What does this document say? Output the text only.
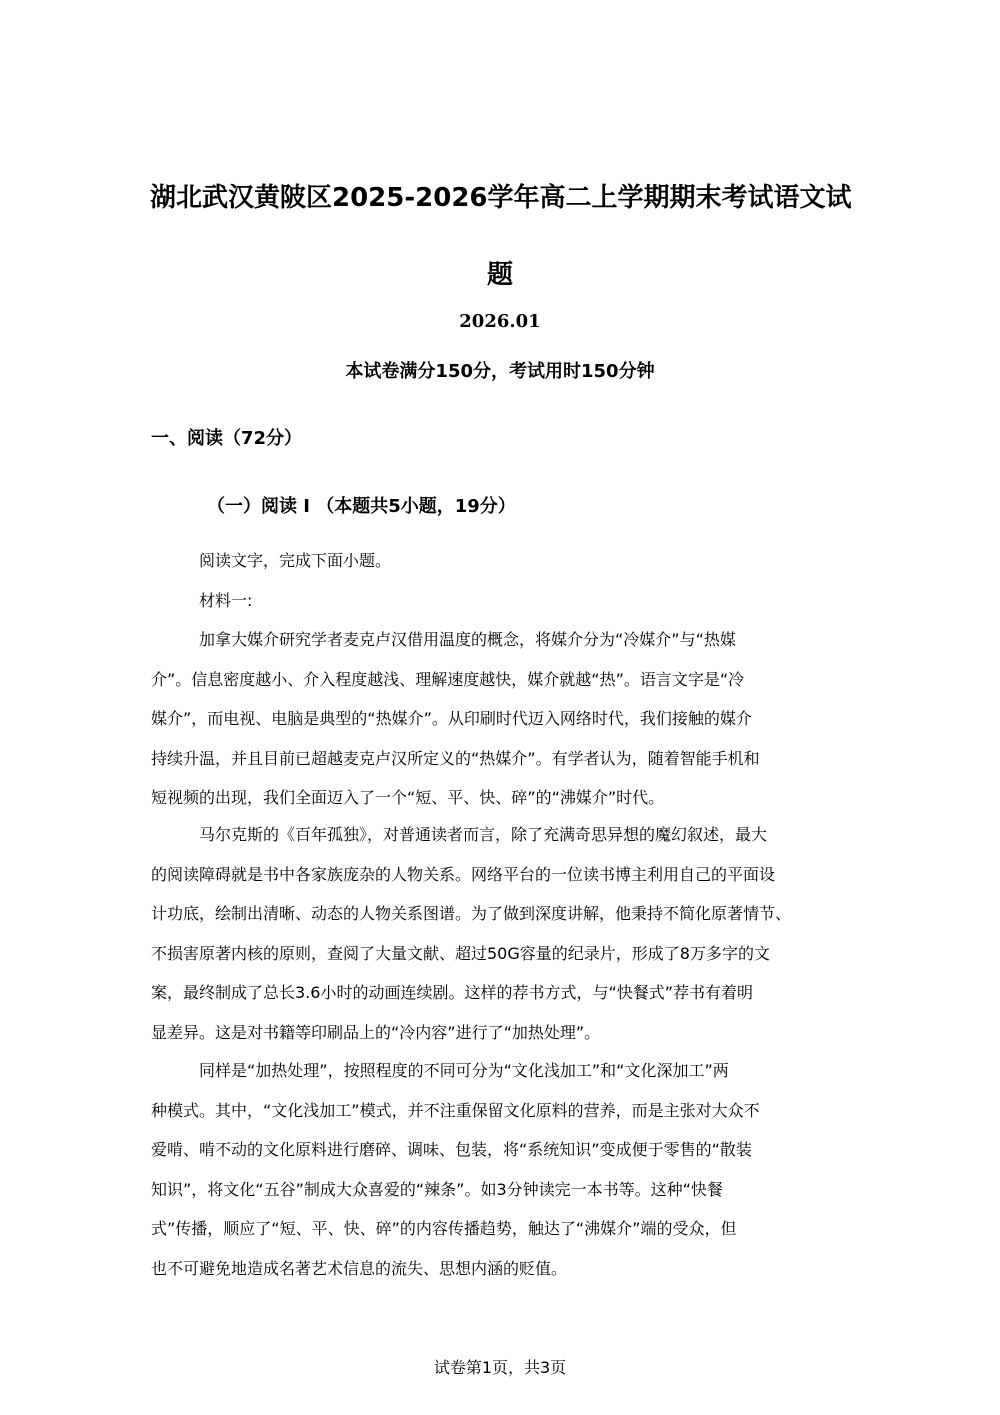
湖北武汉黄陂区2025-2026学年高二上学期期末考试语文试
题
2026.01
本试卷满分150分，考试用时150分钟
一、阅读（72分）
（一）阅读 I （本题共5小题，19分）
阅读文字，完成下面小题。
材料一:
加拿大媒介研究学者麦克卢汉借用温度的概念，将媒介分为“冷媒介”与“热媒
介”。信息密度越小、介入程度越浅、理解速度越快，媒介就越“热”。语言文字是“冷
媒介”，而电视、电脑是典型的“热媒介”。从印刷时代迈入网络时代，我们接触的媒介
持续升温，并且目前已超越麦克卢汉所定义的“热媒介”。有学者认为，随着智能手机和
短视频的出现，我们全面迈入了一个“短、平、快、碎”的“沸媒介”时代。
马尔克斯的《百年孤独》，对普通读者而言，除了充满奇思异想的魔幻叙述，最大
的阅读障碍就是书中各家族庞杂的人物关系。网络平台的一位读书博主利用自己的平面设
计功底，绘制出清晰、动态的人物关系图谱。为了做到深度讲解，他秉持不简化原著情节、
不损害原著内核的原则，查阅了大量文献、超过50G容量的纪录片，形成了8万多字的文
案，最终制成了总长3.6小时的动画连续剧。这样的荐书方式，与“快餐式”荐书有着明
显差异。这是对书籍等印刷品上的“冷内容”进行了“加热处理”。
同样是“加热处理”，按照程度的不同可分为“文化浅加工”和“文化深加工”两
种模式。其中，“文化浅加工”模式，并不注重保留文化原料的营养，而是主张对大众不
爱啃、啃不动的文化原料进行磨碎、调味、包装，将“系统知识”变成便于零售的“散装
知识”，将文化“五谷”制成大众喜爱的“辣条”。如3分钟读完一本书等。这种“快餐
式”传播，顺应了“短、平、快、碎”的内容传播趋势，触达了“沸媒介”端的受众，但
也不可避免地造成名著艺术信息的流失、思想内涵的贬值。
试卷第1页，共3页
